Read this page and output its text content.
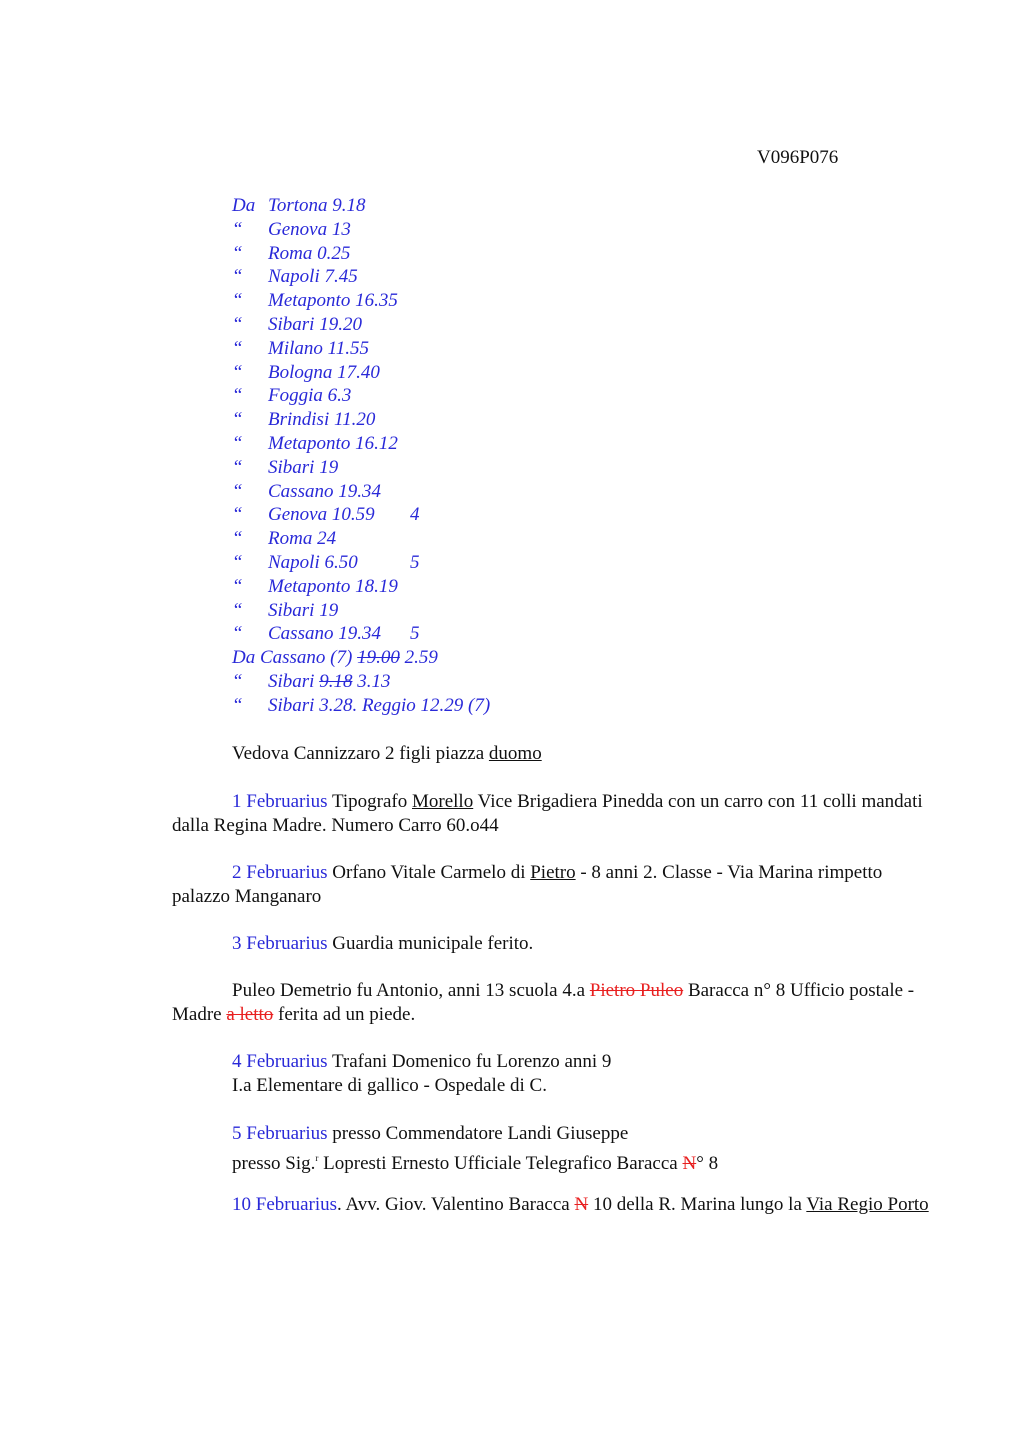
V096P076
Da Tortona 9.18
“ Genova 13
“ Roma 0.25
“ Napoli 7.45
“ Metaponto 16.35
“ Sibari 19.20
“ Milano 11.55
“ Bologna 17.40
“ Foggia 6.3
“ Brindisi 11.20
“ Metaponto 16.12
“ Sibari 19
“ Cassano 19.34
“ Genova 10.59 4
“ Roma 24
“ Napoli 6.50	5
“ Metaponto 18.19
“ Sibari 19
“ Cassano 19.34 5
Da Cassano (7) 19.00 2.59
“ Sibari 9.18 3.13
“ Sibari 3.28. Reggio 12.29 (7)

Vedova Cannizzaro 2 figli piazza duomo

1 Februarius Tipografo Morello Vice Brigadiera Pinedda con un carro con 11 colli mandati dalla Regina Madre. Numero Carro 60.o44

2 Februarius Orfano Vitale Carmelo di Pietro - 8 anni 2. Classe - Via Marina rimpetto palazzo Manganaro

3 Februarius Guardia municipale ferito.

Puleo Demetrio fu Antonio, anni 13 scuola 4.a Pietro Puleo Baracca n° 8 Ufficio postale - Madre a letto ferita ad un piede.

4 Februarius Trafani Domenico fu Lorenzo anni 9
I.a Elementare di gallico - Ospedale di C.

5 Februarius presso Commendatore Landi Giuseppe
presso Sig.$^r$ Lopresti Ernesto Ufficiale Telegrafico Baracca N° 8

10 Februarius. Avv. Giov. Valentino Baracca N 10 della R. Marina lungo la Via Regio Porto
